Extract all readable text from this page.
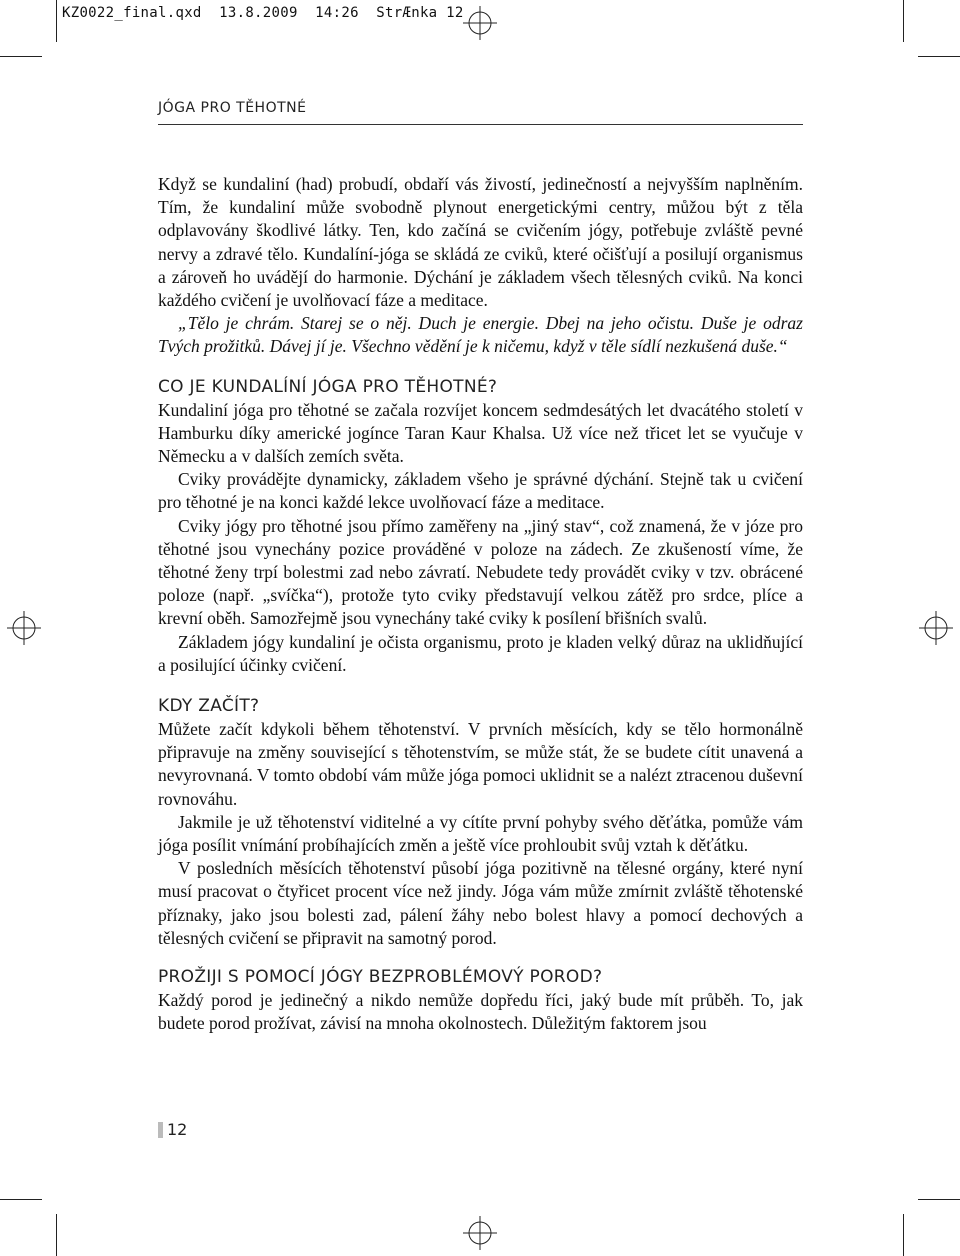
KZ0022_final.qxd 13.8.2009 14:26 StrÆnka 12
JÓGA PRO TĚHOTNÉ

Když se kundaliní (had) probudí, obdaří vás živostí, jedinečností a nejvyšším naplněním. Tím, že kundaliní může svobodně plynout energetickými centry, můžou být z těla odplavovány škodlivé látky. Ten, kdo začíná se cvičením jógy, potřebuje zvláště pevné nervy a zdravé tělo. Kundalíní-jóga se skládá ze cviků, které očišťují a posilují organismus a zároveň ho uvádějí do harmonie. Dýchání je základem všech tělesných cviků. Na konci každého cvičení je uvolňovací fáze a meditace.

„Tělo je chrám. Starej se o něj. Duch je energie. Dbej na jeho očistu. Duše je odraz Tvých prožitků. Dávej jí je. Všechno vědění je k ničemu, když v těle sídlí nezkušená duše.“

CO JE KUNDALÍNÍ JÓGA PRO TĚHOTNÉ?

Kundaliní jóga pro těhotné se začala rozvíjet koncem sedmdesátých let dvacátého století v Hamburku díky americké jogínce Taran Kaur Khalsa. Už více než třicet let se vyučuje v Německu a v dalších zemích světa.

Cviky provádějte dynamicky, základem všeho je správné dýchání. Stejně tak u cvičení pro těhotné je na konci každé lekce uvolňovací fáze a meditace.

Cviky jógy pro těhotné jsou přímo zaměřeny na „jiný stav“, což znamená, že v józe pro těhotné jsou vynechány pozice prováděné v poloze na zádech. Ze zkušeností víme, že těhotné ženy trpí bolestmi zad nebo závratí. Nebudete tedy provádět cviky v tzv. obrácené poloze (např. „svíčka“), protože tyto cviky představují velkou zátěž pro srdce, plíce a krevní oběh. Samozřejmě jsou vynechány také cviky k posílení břišních svalů.

Základem jógy kundaliní je očista organismu, proto je kladen velký důraz na uklidňující a posilující účinky cvičení.

KDY ZAČÍT?

Můžete začít kdykoli během těhotenství. V prvních měsících, kdy se tělo hormonálně připravuje na změny související s těhotenstvím, se může stát, že se budete cítit unavená a nevyrovnaná. V tomto období vám může jóga pomoci uklidnit se a nalézt ztracenou duševní rovnováhu.

Jakmile je už těhotenství viditelné a vy cítíte první pohyby svého děťátka, pomůže vám jóga posílit vnímání probíhajících změn a ještě více prohloubit svůj vztah k děťátku.

V posledních měsících těhotenství působí jóga pozitivně na tělesné orgány, které nyní musí pracovat o čtyřicet procent více než jindy. Jóga vám může zmírnit zvláště těhotenské příznaky, jako jsou bolesti zad, pálení žáhy nebo bolest hlavy a pomocí dechových a tělesných cvičení se připravit na samotný porod.

PROŽIJI S POMOCÍ JÓGY BEZPROBLÉMOVÝ POROD?

Každý porod je jedinečný a nikdo nemůže dopředu říci, jaký bude mít průběh. To, jak budete porod prožívat, závisí na mnoha okolnostech. Důležitým faktorem jsou

12
